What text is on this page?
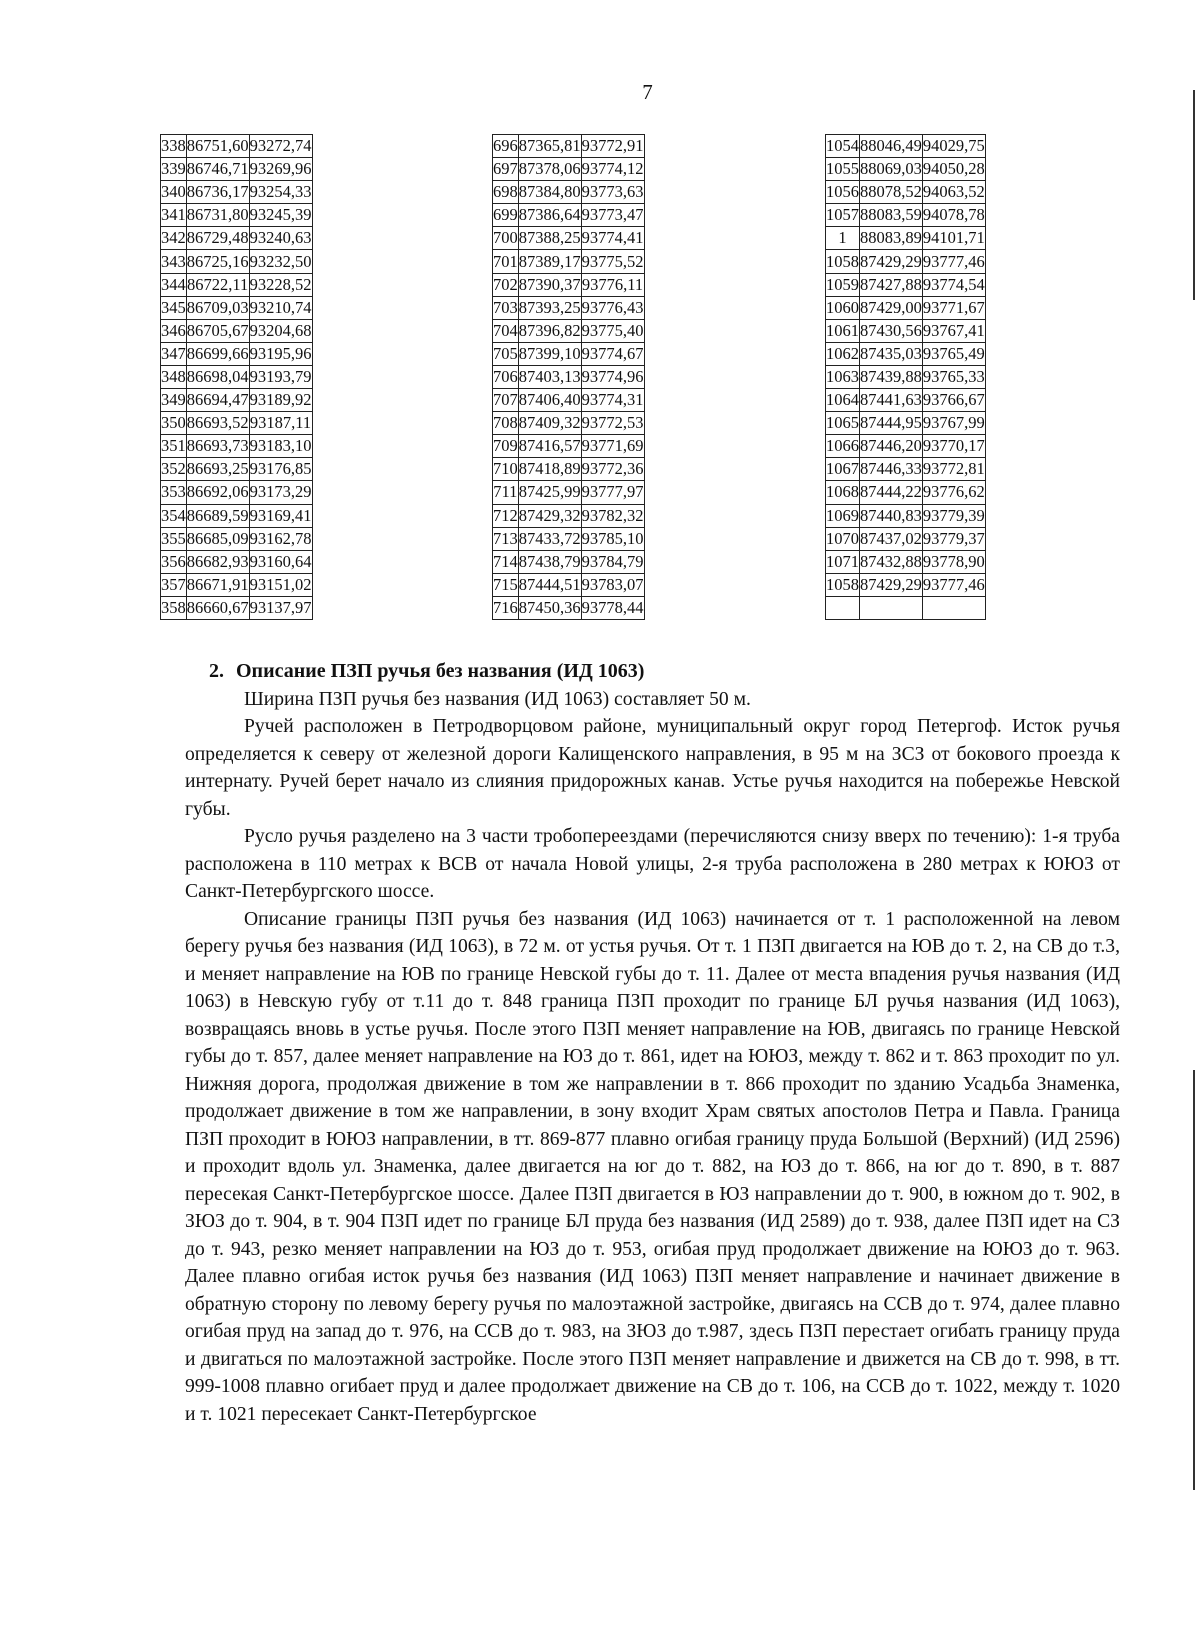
7
338	86751,60	93272,74
339	86746,71	93269,96
340	86736,17	93254,33
341	86731,80	93245,39
342	86729,48	93240,63
343	86725,16	93232,50
344	86722,11	93228,52
345	86709,03	93210,74
346	86705,67	93204,68
347	86699,66	93195,96
348	86698,04	93193,79
349	86694,47	93189,92
350	86693,52	93187,11
351	86693,73	93183,10
352	86693,25	93176,85
353	86692,06	93173,29
354	86689,59	93169,41
355	86685,09	93162,78
356	86682,93	93160,64
357	86671,91	93151,02
358	86660,67	93137,97
696	87365,81	93772,91
697	87378,06	93774,12
698	87384,80	93773,63
699	87386,64	93773,47
700	87388,25	93774,41
701	87389,17	93775,52
702	87390,37	93776,11
703	87393,25	93776,43
704	87396,82	93775,40
705	87399,10	93774,67
706	87403,13	93774,96
707	87406,40	93774,31
708	87409,32	93772,53
709	87416,57	93771,69
710	87418,89	93772,36
711	87425,99	93777,97
712	87429,32	93782,32
713	87433,72	93785,10
714	87438,79	93784,79
715	87444,51	93783,07
716	87450,36	93778,44
1054	88046,49	94029,75
1055	88069,03	94050,28
1056	88078,52	94063,52
1057	88083,59	94078,78
1	88083,89	94101,71
1058	87429,29	93777,46
1059	87427,88	93774,54
1060	87429,00	93771,67
1061	87430,56	93767,41
1062	87435,03	93765,49
1063	87439,88	93765,33
1064	87441,63	93766,67
1065	87444,95	93767,99
1066	87446,20	93770,17
1067	87446,33	93772,81
1068	87444,22	93776,62
1069	87440,83	93779,39
1070	87437,02	93779,37
1071	87432,88	93778,90
1058	87429,29	93777,46

2. Описание ПЗП ручья без названия (ИД 1063)

Ширина ПЗП ручья без названия (ИД 1063) составляет 50 м.

Ручей расположен в Петродворцовом районе, муниципальный округ город Петергоф. Исток ручья определяется к северу от железной дороги Калищенского направления, в 95 м на ЗСЗ от бокового проезда к интернату. Ручей берет начало из слияния придорожных канав. Устье ручья находится на побережье Невской губы.

Русло ручья разделено на 3 части тробопереездами (перечисляются снизу вверх по течению): 1-я труба расположена в 110 метрах к ВСВ от начала Новой улицы, 2-я труба расположена в 280 метрах к ЮЮЗ от Санкт-Петербургского шоссе.

Описание границы ПЗП ручья без названия (ИД 1063) начинается от т. 1 расположенной на левом берегу ручья без названия (ИД 1063), в 72 м. от устья ручья. От т. 1 ПЗП двигается на ЮВ до т. 2, на СВ до т.3, и меняет направление на ЮВ по границе Невской губы до т. 11. Далее от места впадения ручья названия (ИД 1063) в Невскую губу от т.11 до т. 848 граница ПЗП проходит по границе БЛ ручья названия (ИД 1063), возвращаясь вновь в устье ручья. После этого ПЗП меняет направление на ЮВ, двигаясь по границе Невской губы до т. 857, далее меняет направление на ЮЗ до т. 861, идет на ЮЮЗ, между т. 862 и т. 863 проходит по ул. Нижняя дорога, продолжая движение в том же направлении в т. 866 проходит по зданию Усадьба Знаменка, продолжает движение в том же направлении, в зону входит Храм святых апостолов Петра и Павла. Граница ПЗП проходит в ЮЮЗ направлении, в тт. 869-877 плавно огибая границу пруда Большой (Верхний) (ИД 2596) и проходит вдоль ул. Знаменка, далее двигается на юг до т. 882, на ЮЗ до т. 866, на юг до т. 890, в т. 887 пересекая Санкт-Петербургское шоссе. Далее ПЗП двигается в ЮЗ направлении до т. 900, в южном до т. 902, в ЗЮЗ до т. 904, в т. 904 ПЗП идет по границе БЛ пруда без названия (ИД 2589) до т. 938, далее ПЗП идет на СЗ до т. 943, резко меняет направлении на ЮЗ до т. 953, огибая пруд продолжает движение на ЮЮЗ до т. 963. Далее плавно огибая исток ручья без названия (ИД 1063) ПЗП меняет направление и начинает движение в обратную сторону по левому берегу ручья по малоэтажной застройке, двигаясь на ССВ до т. 974, далее плавно огибая пруд на запад до т. 976, на ССВ до т. 983, на ЗЮЗ до т.987, здесь ПЗП перестает огибать границу пруда и двигаться по малоэтажной застройке. После этого ПЗП меняет направление и движется на СВ до т. 998, в тт. 999-1008 плавно огибает пруд и далее продолжает движение на СВ до т. 106, на ССВ до т. 1022, между т. 1020 и т. 1021 пересекает Санкт-Петербургское
